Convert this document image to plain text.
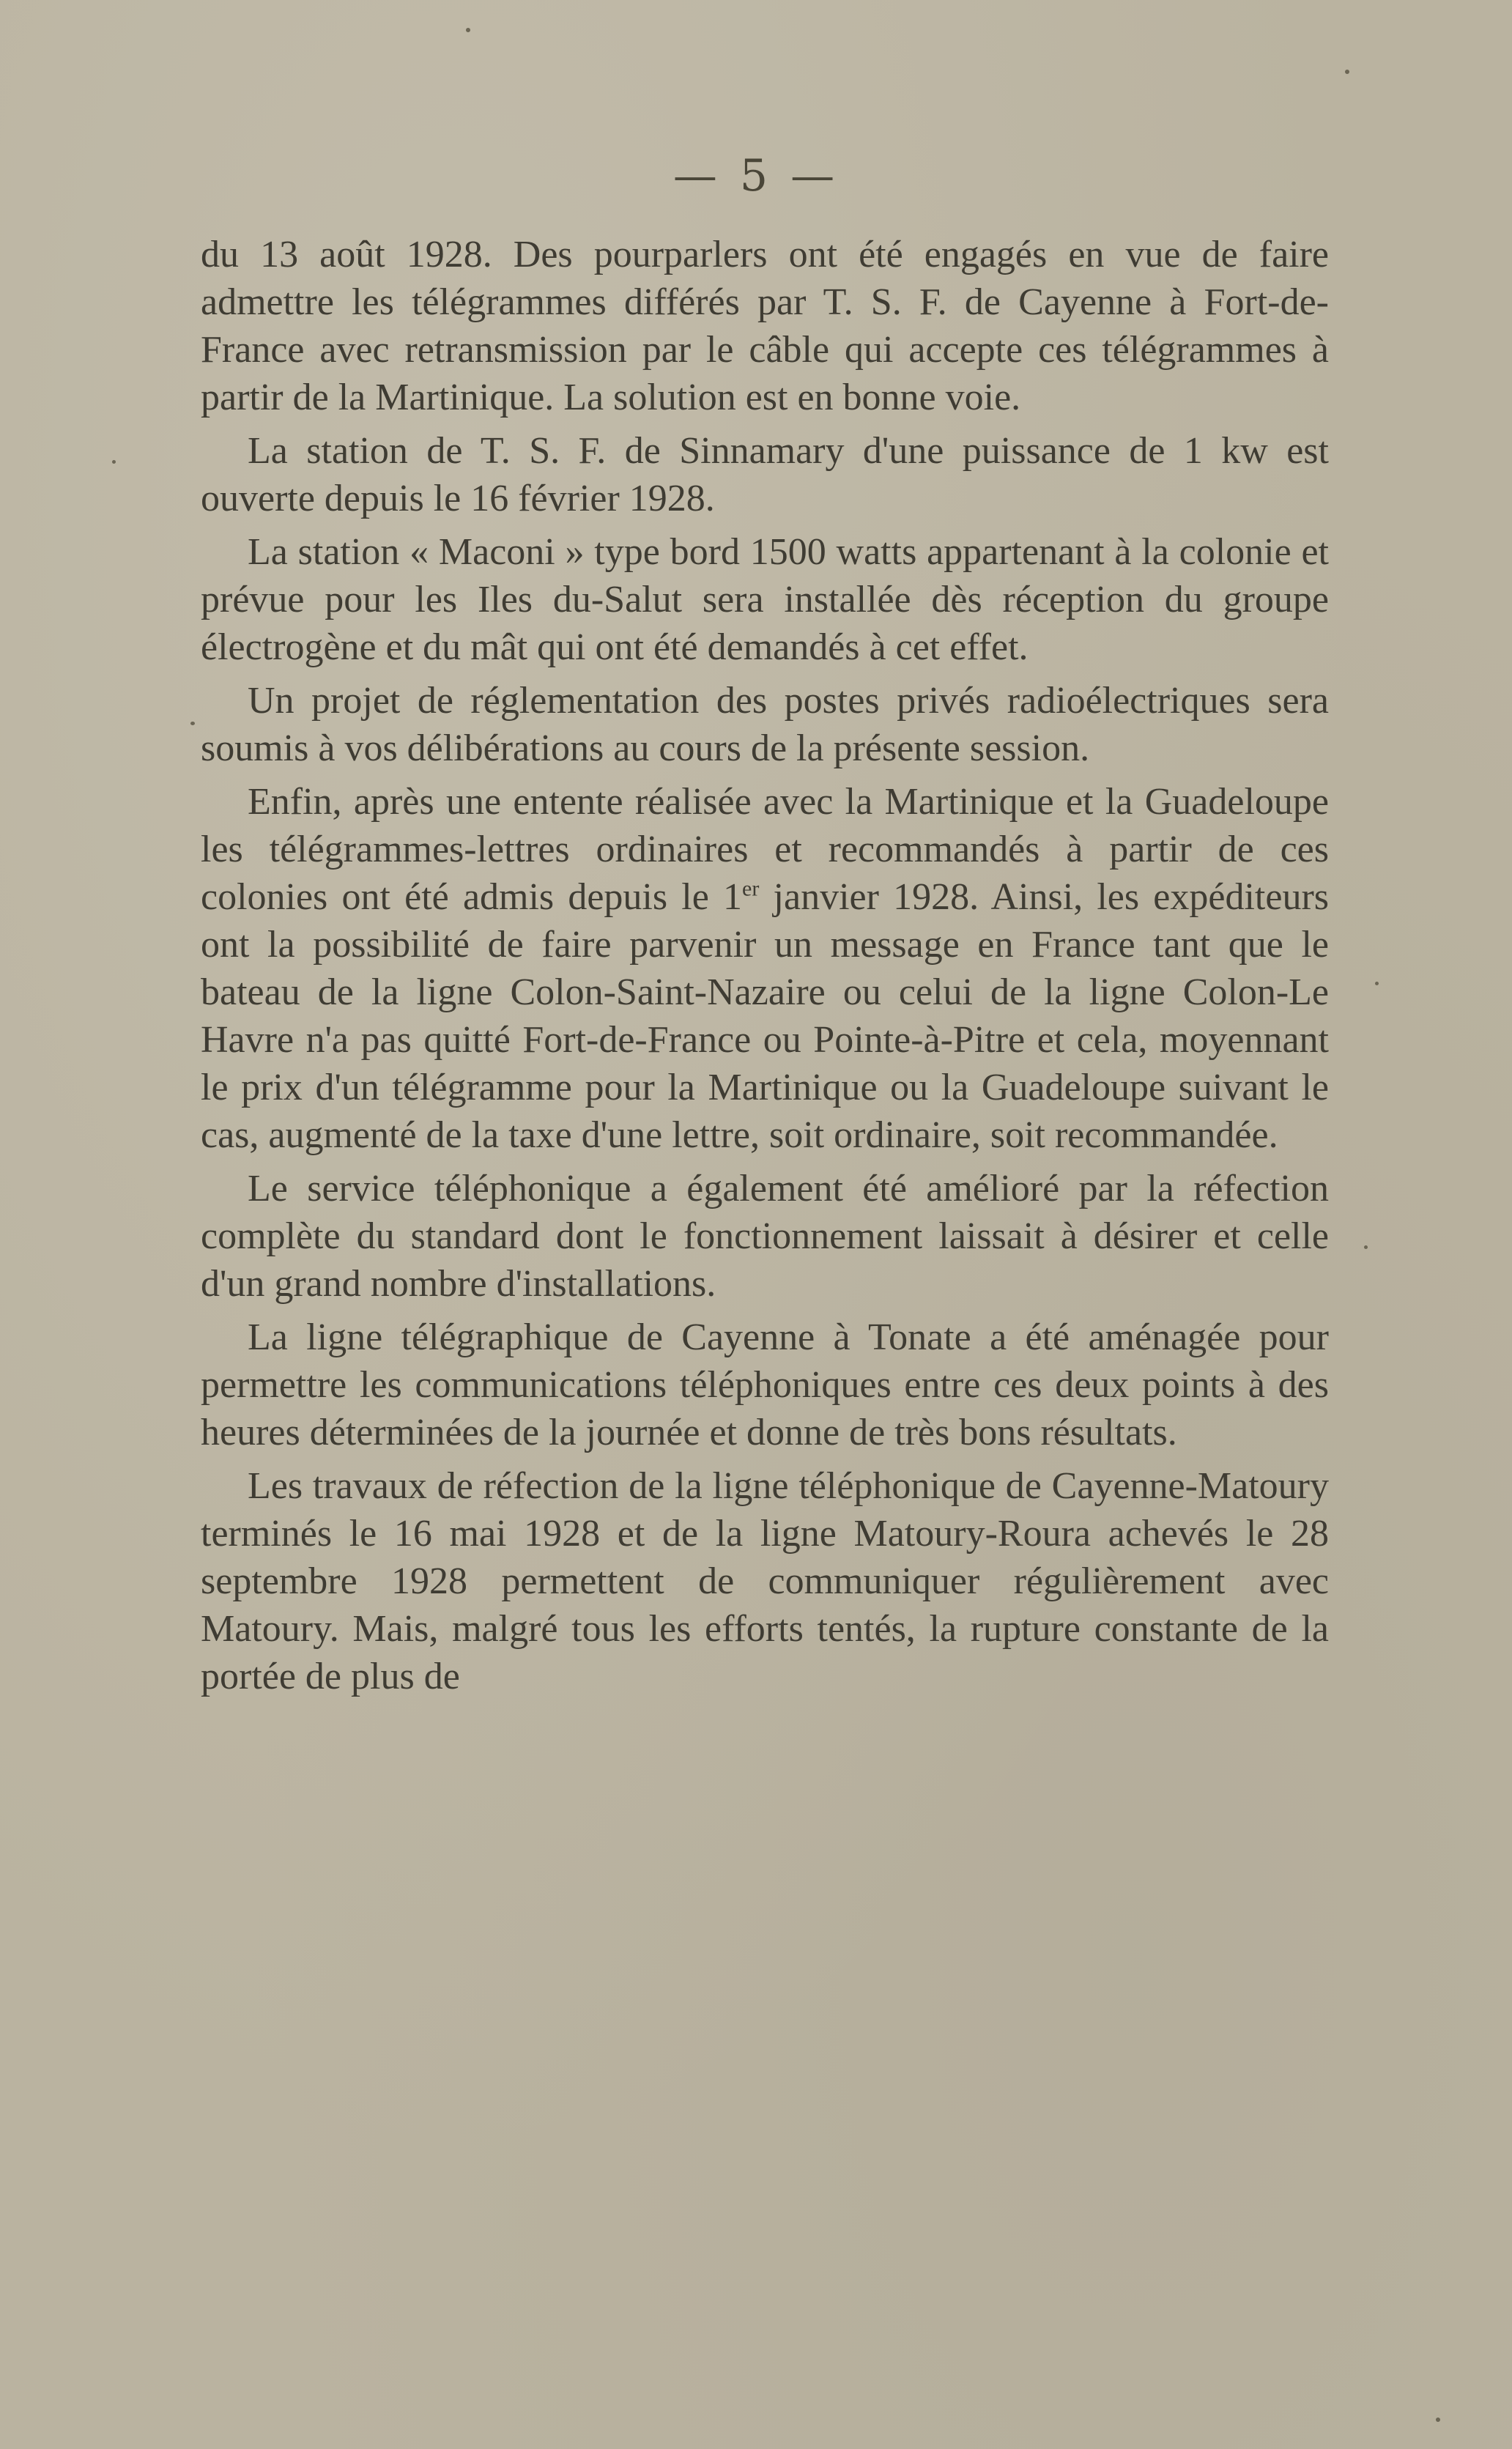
— 5 —

du 13 août 1928. Des pourparlers ont été engagés en vue de faire admettre les télégrammes différés par T. S. F. de Cayenne à Fort-de-France avec retransmission par le câble qui accepte ces télégrammes à partir de la Martinique. La solution est en bonne voie.

La station de T. S. F. de Sinnamary d'une puissance de 1 kw est ouverte depuis le 16 février 1928.

La station « Maconi » type bord 1500 watts appartenant à la colonie et prévue pour les Iles du-Salut sera installée dès réception du groupe électrogène et du mât qui ont été demandés à cet effet.

Un projet de réglementation des postes privés radioélectriques sera soumis à vos délibérations au cours de la présente session.

Enfin, après une entente réalisée avec la Martinique et la Guadeloupe les télégrammes-lettres ordinaires et recommandés à partir de ces colonies ont été admis depuis le 1er janvier 1928. Ainsi, les expéditeurs ont la possibilité de faire parvenir un message en France tant que le bateau de la ligne Colon-Saint-Nazaire ou celui de la ligne Colon-Le Havre n'a pas quitté Fort-de-France ou Pointe-à-Pitre et cela, moyennant le prix d'un télégramme pour la Martinique ou la Guadeloupe suivant le cas, augmenté de la taxe d'une lettre, soit ordinaire, soit recommandée.

Le service téléphonique a également été amélioré par la réfection complète du standard dont le fonctionnement laissait à désirer et celle d'un grand nombre d'installations.

La ligne télégraphique de Cayenne à Tonate a été aménagée pour permettre les communications téléphoniques entre ces deux points à des heures déterminées de la journée et donne de très bons résultats.

Les travaux de réfection de la ligne téléphonique de Cayenne-Matoury terminés le 16 mai 1928 et de la ligne Matoury-Roura achevés le 28 septembre 1928 permettent de communiquer régulièrement avec Matoury. Mais, malgré tous les efforts tentés, la rupture constante de la portée de plus de
